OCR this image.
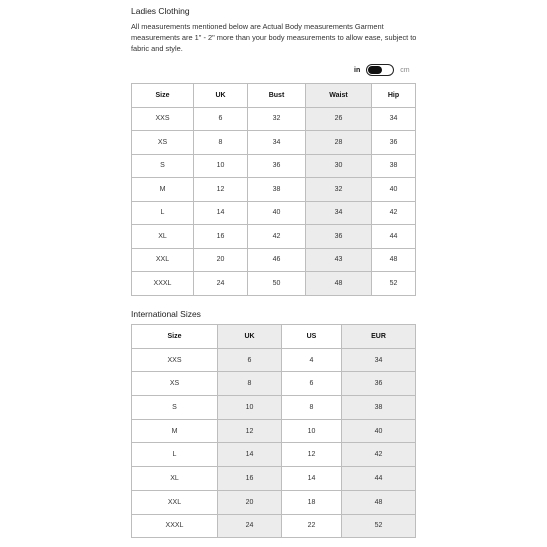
Ladies Clothing
All measurements mentioned below are Actual Body measurements Garment measurements are 1" - 2" more than your body measurements to allow ease, subject to fabric and style.
in	cm
Size	UK	Bust	Waist	Hip
XXS	6	32	26	34
XS	8	34	28	36
S	10	36	30	38
M	12	38	32	40
L	14	40	34	42
XL	16	42	36	44
XXL	20	46	43	48
XXXL	24	50	48	52
International Sizes
Size	UK	US	EUR
XXS	6	4	34
XS	8	6	36
S	10	8	38
M	12	10	40
L	14	12	42
XL	16	14	44
XXL	20	18	48
XXXL	24	22	52
